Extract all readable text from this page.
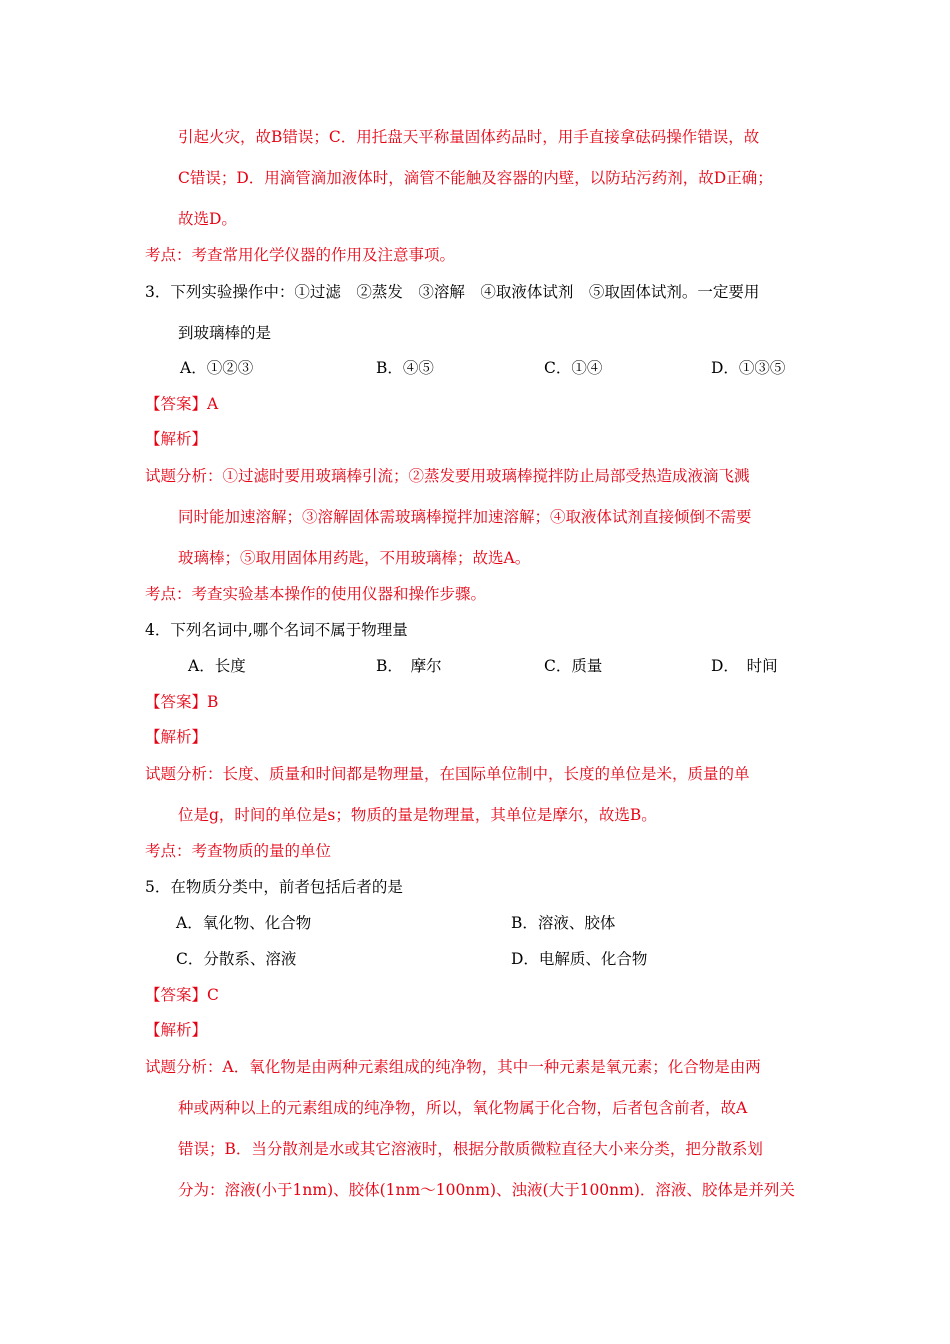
引起火灾，故B错误；C．用托盘天平称量固体药品时，用手直接拿砝码操作错误，故
C错误；D．用滴管滴加液体时，滴管不能触及容器的内壁，以防玷污药剂，故D正确；
故选D。
考点：考查常用化学仪器的作用及注意事项。
3．下列实验操作中：①过滤　②蒸发　③溶解　④取液体试剂　⑤取固体试剂。一定要用
到玻璃棒的是
A．①②③	B．④⑤	C．①④	D．①③⑤
【答案】A
【解析】
试题分析：①过滤时要用玻璃棒引流；②蒸发要用玻璃棒搅拌防止局部受热造成液滴飞溅
同时能加速溶解；③溶解固体需玻璃棒搅拌加速溶解；④取液体试剂直接倾倒不需要
玻璃棒；⑤取用固体用药匙，不用玻璃棒；故选A。
考点：考查实验基本操作的使用仪器和操作步骤。
4．下列名词中,哪个名词不属于物理量
A．长度	B．　摩尔	C．质量	D．　时间
【答案】B
【解析】
试题分析：长度、质量和时间都是物理量，在国际单位制中，长度的单位是米，质量的单
位是g，时间的单位是s；物质的量是物理量，其单位是摩尔，故选B。
考点：考查物质的量的单位
5．在物质分类中，前者包括后者的是
A．氧化物、化合物	B．溶液、胶体
C．分散系、溶液	D．电解质、化合物
【答案】C
【解析】
试题分析：A．氧化物是由两种元素组成的纯净物，其中一种元素是氧元素；化合物是由两
种或两种以上的元素组成的纯净物，所以，氧化物属于化合物，后者包含前者，故A
错误；B．当分散剂是水或其它溶液时，根据分散质微粒直径大小来分类，把分散系划
分为：溶液(小于1nm)、胶体(1nm～100nm)、浊液(大于100nm)．溶液、胶体是并列关
